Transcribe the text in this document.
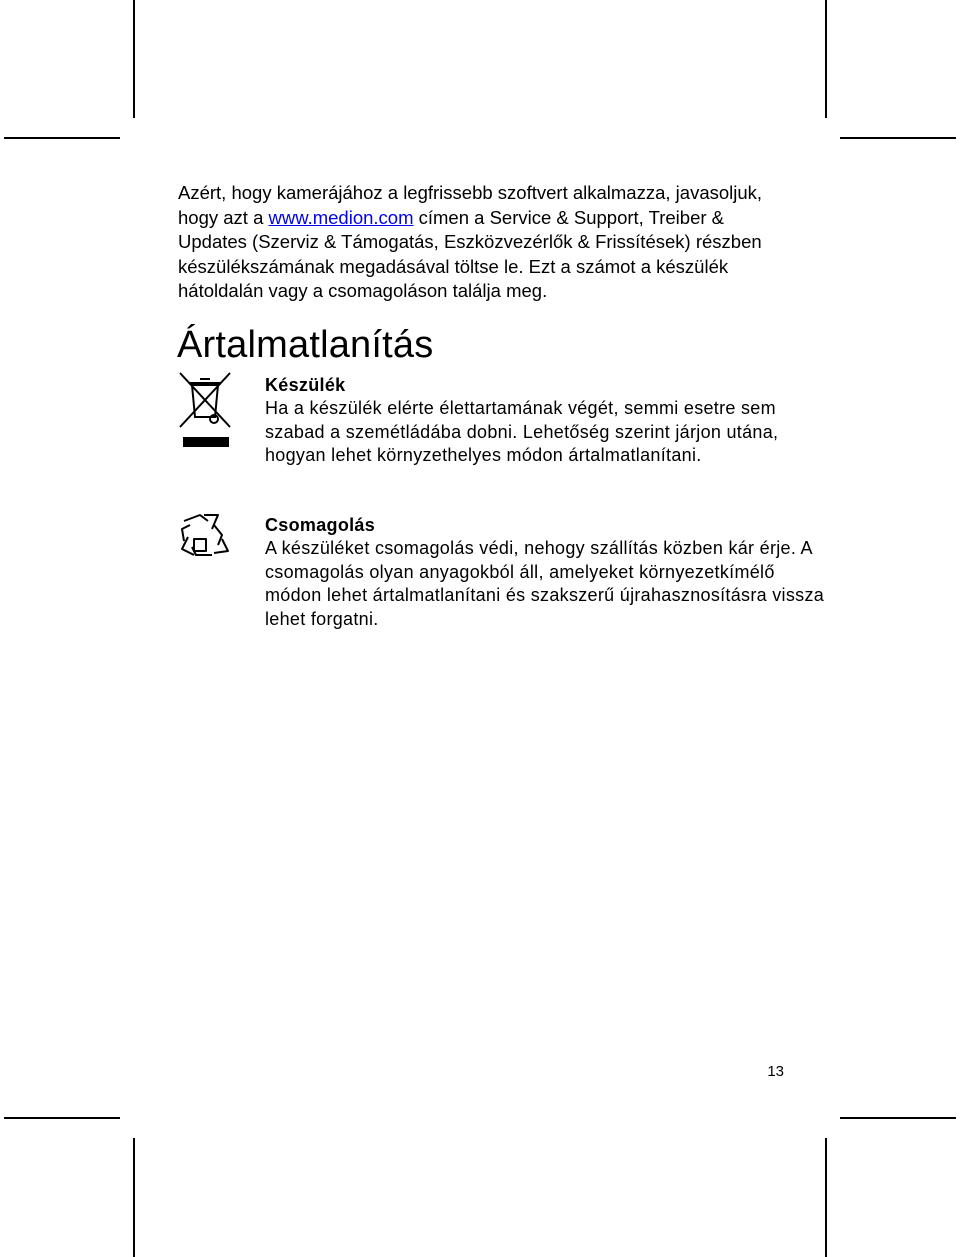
Azért, hogy kamerájához a legfrissebb szoftvert alkalmazza, javasoljuk, hogy azt a www.medion.com címen a Service & Support, Treiber & Updates (Szerviz & Támogatás, Eszközvezérlők & Frissítések) részben készülékszámának megadásával töltse le. Ezt a számot a készülék hátoldalán vagy a csomagoláson találja meg.

Ártalmatlanítás
Készülék

Ha a készülék elérte élettartamának végét, semmi esetre sem szabad a szemétládába dobni. Lehetőség szerint járjon utána, hogyan lehet környzethelyes módon ártalmatlanítani.

Csomagolás

A készüléket csomagolás védi, nehogy szállítás közben kár érje. A csomagolás olyan anyagokból áll, amelyeket környezetkímélő módon lehet ártalmatlanítani és szakszerű újrahasznosításra vissza lehet forgatni.

13
